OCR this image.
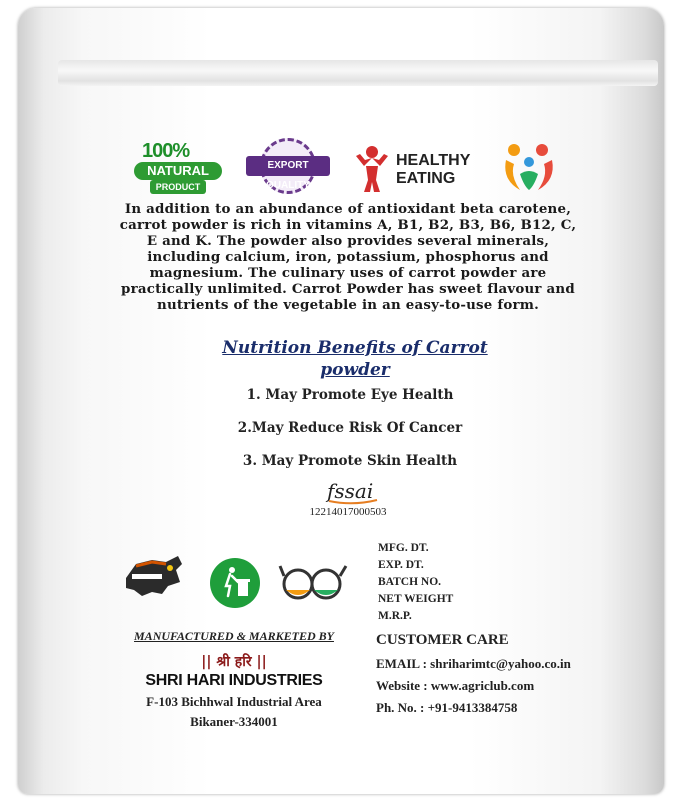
100%
NATURAL
PRODUCT
EXPORT QUALITY
HEALTHY
EATING
In addition to an abundance of antioxidant beta carotene, carrot powder is rich in vitamins A, B1, B2, B3, B6, B12, C, E and K. The powder also provides several minerals, including calcium, iron, potassium, phosphorus and magnesium. The culinary uses of carrot powder are practically unlimited. Carrot Powder has sweet flavour and nutrients of the vegetable in an easy-to-use form.
Nutrition Benefits of Carrot
powder
1. May Promote Eye Health
2.May Reduce Risk Of Cancer
3. May Promote Skin Health
fssai
12214017000503
MFG. DT.
EXP. DT.
BATCH NO.
NET WEIGHT
M.R.P.
MANUFACTURED & MARKETED BY
|| श्री हरि ||
SHRI HARI INDUSTRIES
F-103 Bichhwal Industrial Area
Bikaner-334001
CUSTOMER CARE
EMAIL : shriharimtc@yahoo.co.in
Website : www.agriclub.com
Ph. No. : +91-9413384758
